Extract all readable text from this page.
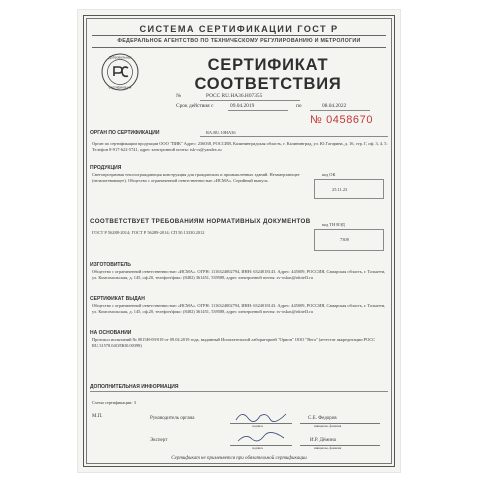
СИСТЕМА СЕРТИФИКАЦИИ ГОСТ Р
ФЕДЕРАЛЬНОЕ АГЕНТСТВО ПО ТЕХНИЧЕСКОМУ РЕГУЛИРОВАНИЮ И МЕТРОЛОГИИ
Добровольная
сертификация
СЕРТИФИКАТ СООТВЕТСТВИЯ
№	РОСС RU.НА36.Н07355
Срок действия с	09.04.2019	по	08.04.2022
№ 0458670
ОРГАН ПО СЕРТИФИКАЦИИ	RA.RU.10НА36
Орган по сертификации продукции ООО "ПИК" Адрес: 236038, РОССИЯ, Калининградская область, г. Калининград, ул. Ю.Гагарина, д. 16, стр. Г, оф. 3, 4, 5. Телефон 8-917-622-5741, адрес электронной почты: tsk-cs@yandex.ru
ПРОДУКЦИЯ
Светопрозрачная теплоограждающая конструкция для гражданских и промышленных зданий. Незамерзающее (незапотевающее). Общество с ограниченной ответственностью «ИСМА». Серийный выпуск.
код ОК
25.11.23
СООТВЕТСТВУЕТ ТРЕБОВАНИЯМ НОРМАТИВНЫХ ДОКУМЕНТОВ
ГОСТ Р 56288-2014; ГОСТ Р 56289-2014; СП 50.13330.2012
код ТН ВЭД
7308
ИЗГОТОВИТЕЛЬ
Общество с ограниченной ответственностью «ИСМА». ОГРН: 1116324002794, ИНН: 6324018143. Адрес: 445009, РОССИЯ, Самарская область, г. Тольятти, ул. Комсомольская, д. 145, оф.20, телефон/факс: (8482) 361451, 539588, адрес электронной почты: sv-oskas@rdotel3.ru
СЕРТИФИКАТ ВЫДАН
Общество с ограниченной ответственностью «ИСМА». ОГРН: 1116324002794, ИНН: 6324018143. Адрес: 445009, РОССИЯ, Самарская область, г. Тольятти, ул. Комсомольская, д. 145, оф.20, телефон/факс: (8482) 361451, 539588, адрес электронной почты: sv-oskas@rdotel3.ru
НА ОСНОВАНИИ
Протокол испытаний № 0015Н-09/019 от 09.04.2019 года, выданный Испытательной лабораторией "Орион" ООО "Вега" (аттестат аккредитации РОСС RU.31578.04ОЛЮ0.00398)
ДОПОЛНИТЕЛЬНАЯ ИНФОРМАЦИЯ
Схема сертификации: 3
М.П.	Руководитель органа
подпись
С.Е. Федоров
инициалы, фамилия
Эксперт
подпись
И.Р. Дёмина
инициалы, фамилия
Сертификат не применяется при обязательной сертификации
